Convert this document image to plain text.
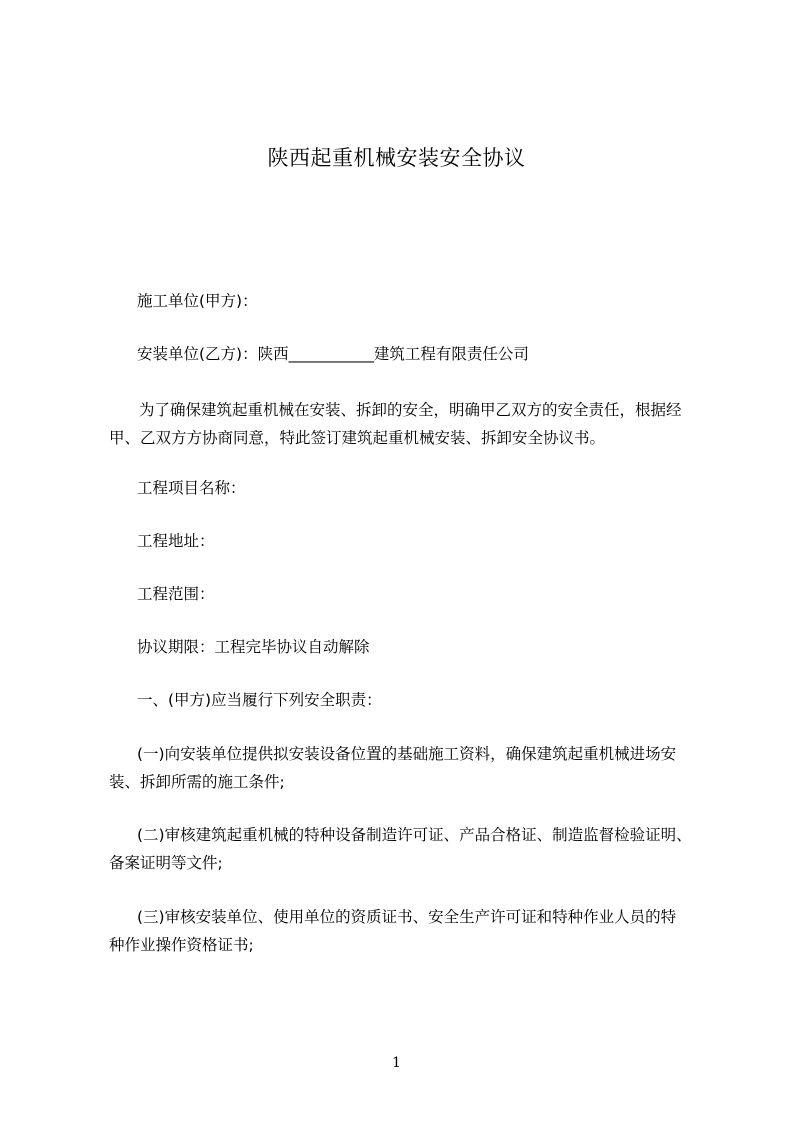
陕西起重机械安装安全协议
施工单位(甲方)：
安装单位(乙方)：陕西___________建筑工程有限责任公司
为了确保建筑起重机械在安装、拆卸的安全，明确甲乙双方的安全责任，根据经
甲、乙双方方协商同意，特此签订建筑起重机械安装、拆卸安全协议书。
工程项目名称：
工程地址：
工程范围：
协议期限：工程完毕协议自动解除
一、(甲方)应当履行下列安全职责：
(一)向安装单位提供拟安装设备位置的基础施工资料，确保建筑起重机械进场安
装、拆卸所需的施工条件;
(二)审核建筑起重机械的特种设备制造许可证、产品合格证、制造监督检验证明、
备案证明等文件;
(三)审核安装单位、使用单位的资质证书、安全生产许可证和特种作业人员的特
种作业操作资格证书;
1
